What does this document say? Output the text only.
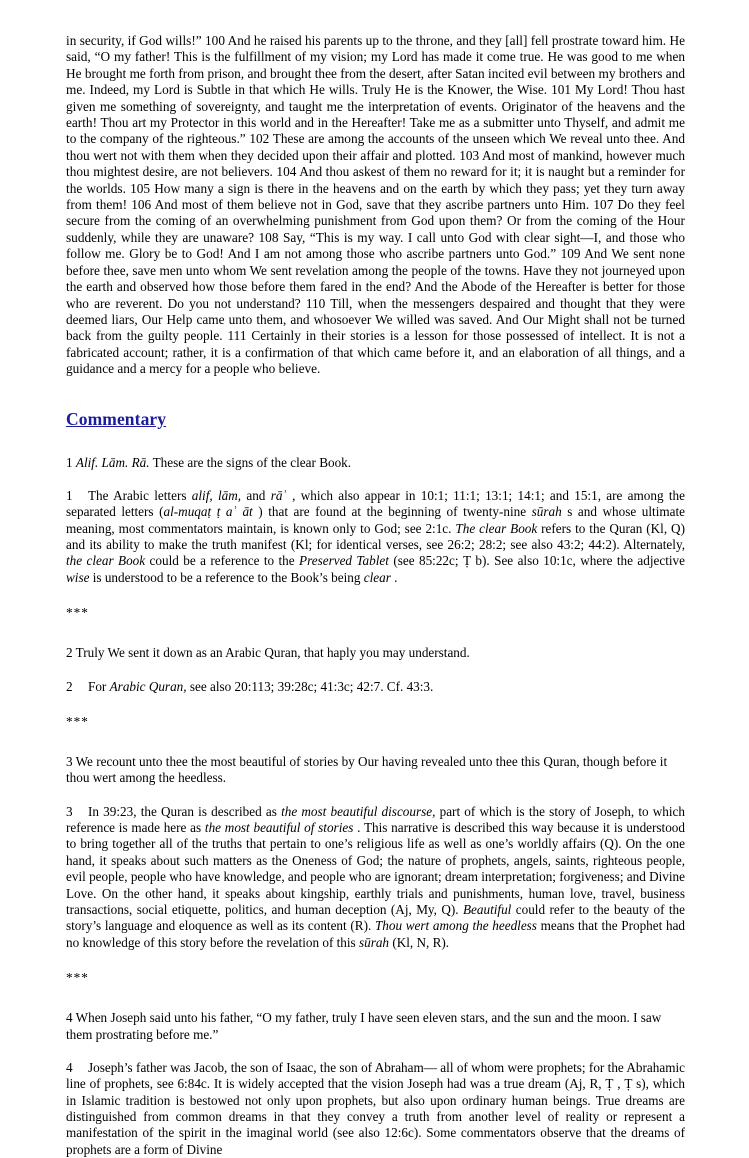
in security, if God wills!” 100 And he raised his parents up to the throne, and they [all] fell prostrate toward him. He said, “O my father! This is the fulfillment of my vision; my Lord has made it come true. He was good to me when He brought me forth from prison, and brought thee from the desert, after Satan incited evil between my brothers and me. Indeed, my Lord is Subtle in that which He wills. Truly He is the Knower, the Wise. 101 My Lord! Thou hast given me something of sovereignty, and taught me the interpretation of events. Originator of the heavens and the earth! Thou art my Protector in this world and in the Hereafter! Take me as a submitter unto Thyself, and admit me to the company of the righteous.” 102 These are among the accounts of the unseen which We reveal unto thee. And thou wert not with them when they decided upon their affair and plotted. 103 And most of mankind, however much thou mightest desire, are not believers. 104 And thou askest of them no reward for it; it is naught but a reminder for the worlds. 105 How many a sign is there in the heavens and on the earth by which they pass; yet they turn away from them! 106 And most of them believe not in God, save that they ascribe partners unto Him. 107 Do they feel secure from the coming of an overwhelming punishment from God upon them? Or from the coming of the Hour suddenly, while they are unaware? 108 Say, “This is my way. I call unto God with clear sight—I, and those who follow me. Glory be to God! And I am not among those who ascribe partners unto God.” 109 And We sent none before thee, save men unto whom We sent revelation among the people of the towns. Have they not journeyed upon the earth and observed how those before them fared in the end? And the Abode of the Hereafter is better for those who are reverent. Do you not understand? 110 Till, when the messengers despaired and thought that they were deemed liars, Our Help came unto them, and whosoever We willed was saved. And Our Might shall not be turned back from the guilty people. 111 Certainly in their stories is a lesson for those possessed of intellect. It is not a fabricated account; rather, it is a confirmation of that which came before it, and an elaboration of all things, and a guidance and a mercy for a people who believe.

Commentary

1 Alif. Lām. Rā. These are the signs of the clear Book.

1 The Arabic letters alif, lām, and rāʾ , which also appear in 10:1; 11:1; 13:1; 14:1; and 15:1, are among the separated letters (al-muqaṭ ṭ aʾ āt ) that are found at the beginning of twenty-nine sūrah s and whose ultimate meaning, most commentators maintain, is known only to God; see 2:1c. The clear Book refers to the Quran (Kl, Q) and its ability to make the truth manifest (Kl; for identical verses, see 26:2; 28:2; see also 43:2; 44:2). Alternately, the clear Book could be a reference to the Preserved Tablet (see 85:22c; Ṭ b). See also 10:1c, where the adjective wise is understood to be a reference to the Book’s being clear .

***

2 Truly We sent it down as an Arabic Quran, that haply you may understand.

2 For Arabic Quran, see also 20:113; 39:28c; 41:3c; 42:7. Cf. 43:3.

***

3 We recount unto thee the most beautiful of stories by Our having revealed unto thee this Quran, though before it thou wert among the heedless.

3 In 39:23, the Quran is described as the most beautiful discourse, part of which is the story of Joseph, to which reference is made here as the most beautiful of stories . This narrative is described this way because it is understood to bring together all of the truths that pertain to one’s religious life as well as one’s worldly affairs (Q). On the one hand, it speaks about such matters as the Oneness of God; the nature of prophets, angels, saints, righteous people, evil people, people who have knowledge, and people who are ignorant; dream interpretation; forgiveness; and Divine Love. On the other hand, it speaks about kingship, earthly trials and punishments, human love, travel, business transactions, social etiquette, politics, and human deception (Aj, My, Q). Beautiful could refer to the beauty of the story’s language and eloquence as well as its content (R). Thou wert among the heedless means that the Prophet had no knowledge of this story before the revelation of this sūrah (Kl, N, R).

***

4 When Joseph said unto his father, “O my father, truly I have seen eleven stars, and the sun and the moon. I saw them prostrating before me.”

4 Joseph’s father was Jacob, the son of Isaac, the son of Abraham— all of whom were prophets; for the Abrahamic line of prophets, see 6:84c. It is widely accepted that the vision Joseph had was a true dream (Aj, R, Ṭ , Ṭ s), which in Islamic tradition is bestowed not only upon prophets, but also upon ordinary human beings. True dreams are distinguished from common dreams in that they convey a truth from another level of reality or represent a manifestation of the spirit in the imaginal world (see also 12:6c). Some commentators observe that the dreams of prophets are a form of Divine
